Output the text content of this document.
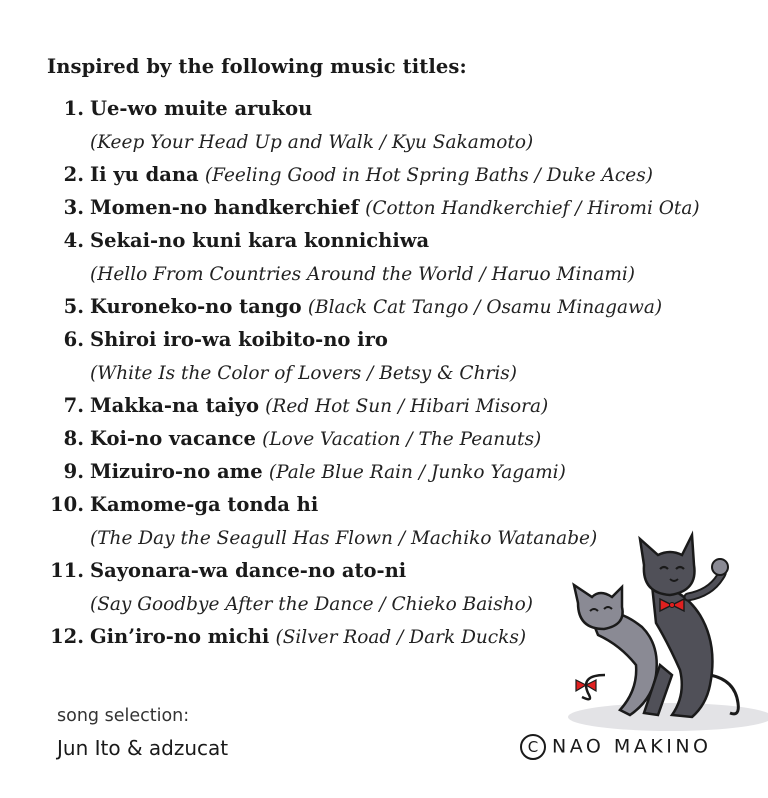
Inspired by the following music titles:
1. Ue-wo muite arukou
(Keep Your Head Up and Walk / Kyu Sakamoto)
2. Ii yu dana (Feeling Good in Hot Spring Baths / Duke Aces)
3. Momen-no handkerchief (Cotton Handkerchief / Hiromi Ota)
4. Sekai-no kuni kara konnichiwa
(Hello From Countries Around the World / Haruo Minami)
5. Kuroneko-no tango (Black Cat Tango / Osamu Minagawa)
6. Shiroi iro-wa koibito-no iro
(White Is the Color of Lovers / Betsy & Chris)
7. Makka-na taiyo (Red Hot Sun / Hibari Misora)
8. Koi-no vacance (Love Vacation / The Peanuts)
9. Mizuiro-no ame (Pale Blue Rain / Junko Yagami)
10. Kamome-ga tonda hi
(The Day the Seagull Has Flown / Machiko Watanabe)
11. Sayonara-wa dance-no ato-ni
(Say Goodbye After the Dance / Chieko Baisho)
12. Gin’iro-no michi (Silver Road / Dark Ducks)
song selection:
Jun Ito & adzucat	C NAO MAKINO
